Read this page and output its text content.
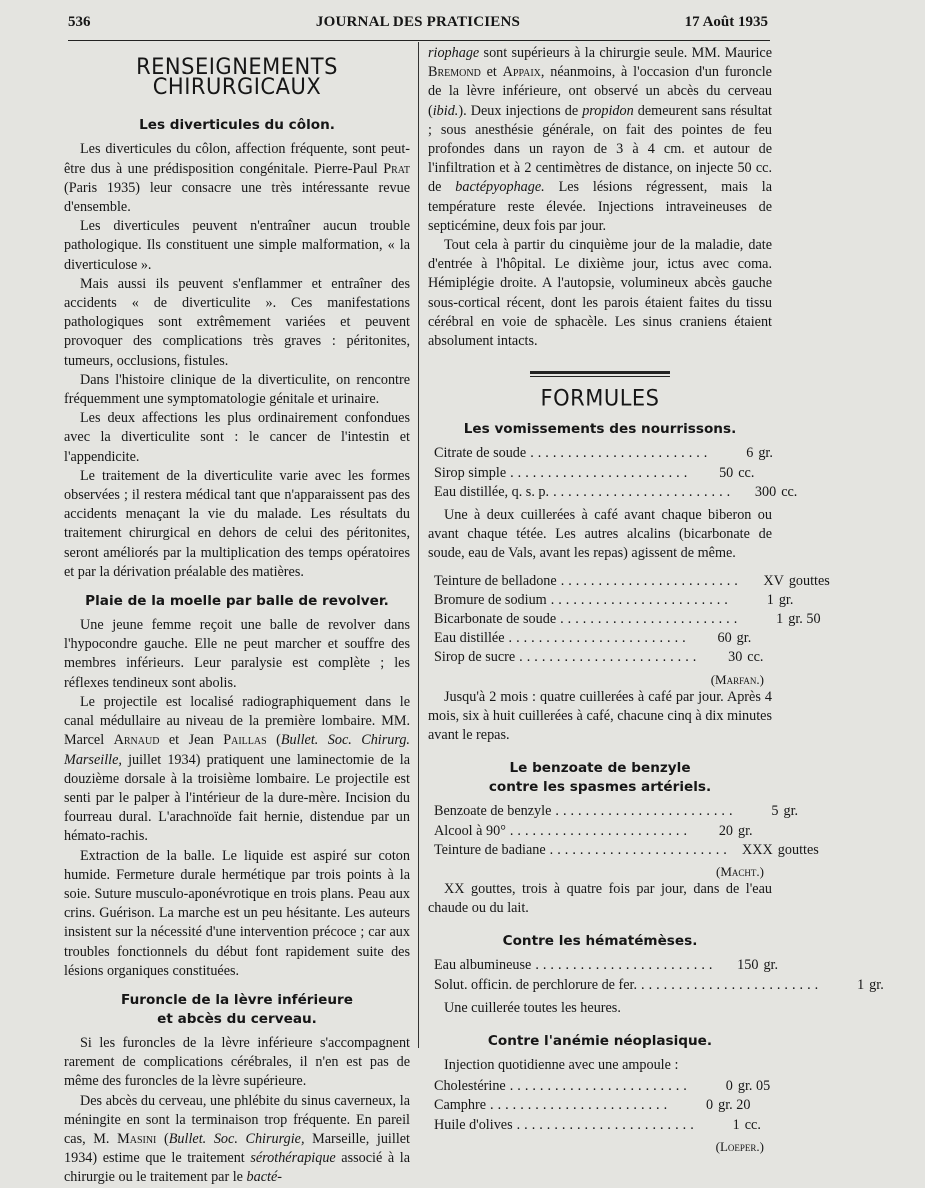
536	JOURNAL DES PRATICIENS	17 Août 1935
RENSEIGNEMENTS CHIRURGICAUX
Les diverticules du côlon.

Les diverticules du côlon, affection fréquente, sont peut-être dus à une prédisposition congénitale. Pierre-Paul Prat (Paris 1935) leur consacre une très intéressante revue d'ensemble.

Les diverticules peuvent n'entraîner aucun trouble pathologique. Ils constituent une simple malformation, « la diverticulose ».

Mais aussi ils peuvent s'enflammer et entraîner des accidents « de diverticulite ». Ces manifestations pathologiques sont extrêmement variées et peuvent provoquer des complications très graves : péritonites, tumeurs, occlusions, fistules.

Dans l'histoire clinique de la diverticulite, on rencontre fréquemment une symptomatologie génitale et urinaire.

Les deux affections les plus ordinairement confondues avec la diverticulite sont : le cancer de l'intestin et l'appendicite.

Le traitement de la diverticulite varie avec les formes observées ; il restera médical tant que n'apparaissent pas des accidents menaçant la vie du malade. Les résultats du traitement chirurgical en dehors de celui des péritonites, seront améliorés par la multiplication des temps opératoires et par la dérivation préalable des matières.

Plaie de la moelle par balle de revolver.

Une jeune femme reçoit une balle de revolver dans l'hypocondre gauche. Elle ne peut marcher et souffre des membres inférieurs. Leur paralysie est complète ; les réflexes tendineux sont abolis.

Le projectile est localisé radiographiquement dans le canal médullaire au niveau de la première lombaire. MM. Marcel Arnaud et Jean Paillas (Bullet. Soc. Chirurg. Marseille, juillet 1934) pratiquent une laminectomie de la douzième dorsale à la troisième lombaire. Le projectile est senti par le palper à l'intérieur de la dure-mère. Incision du fourreau dural. L'arachnoïde fait hernie, distendue par un hémato-rachis.

Extraction de la balle. Le liquide est aspiré sur coton humide. Fermeture durale hermétique par trois points à la soie. Suture musculo-aponévrotique en trois plans. Peau aux crins. Guérison. La marche est un peu hésitante. Les auteurs insistent sur la nécessité d'une intervention précoce ; car aux troubles fonctionnels du début font rapidement suite des lésions organiques constituées.

Furoncle de la lèvre inférieure
et abcès du cerveau.

Si les furoncles de la lèvre inférieure s'accompagnent rarement de complications cérébrales, il n'en est pas de même des furoncles de la lèvre supérieure.

Des abcès du cerveau, une phlébite du sinus caverneux, la méningite en sont la terminaison trop fréquente. En pareil cas, M. Masini (Bullet. Soc. Chirurgie, Marseille, juillet 1934) estime que le traitement sérothérapique associé à la chirurgie ou le traitement par le bacté-

riophage sont supérieurs à la chirurgie seule. MM. Maurice Bremond et Appaix, néanmoins, à l'occasion d'un furoncle de la lèvre inférieure, ont observé un abcès du cerveau (ibid.). Deux injections de propidon demeurent sans résultat ; sous anesthésie générale, on fait des pointes de feu profondes dans un rayon de 3 à 4 cm. et autour de l'infiltration et à 2 centimètres de distance, on injecte 50 cc. de bactépyophage. Les lésions régressent, mais la température reste élevée. Injections intraveineuses de septicémine, deux fois par jour.

Tout cela à partir du cinquième jour de la maladie, date d'entrée à l'hôpital. Le dixième jour, ictus avec coma. Hémiplégie droite. A l'autopsie, volumineux abcès gauche sous-cortical récent, dont les parois étaient faites du tissu cérébral en voie de sphacèle. Les sinus craniens étaient absolument intacts.

FORMULES
Les vomissements des nourrissons.
Citrate de soude ........................	6 gr.
Sirop simple ........................	50 cc.
Eau distillée, q. s. p. ........................	300 cc.

Une à deux cuillerées à café avant chaque biberon ou avant chaque tétée. Les autres alcalins (bicarbonate de soude, eau de Vals, avant les repas) agissent de même.

Teinture de belladone ........................	XV gouttes
Bromure de sodium ........................	1 gr.
Bicarbonate de soude ........................	1 gr. 50
Eau distillée ........................	60 gr.
Sirop de sucre ........................	30 cc.
(Marfan.)

Jusqu'à 2 mois : quatre cuillerées à café par jour. Après 4 mois, six à huit cuillerées à café, chacune cinq à dix minutes avant le repas.

Le benzoate de benzyle
contre les spasmes artériels.
Benzoate de benzyle ........................	5 gr.
Alcool à 90° ........................	20 gr.
Teinture de badiane ........................ XXX gouttes
(Macht.)

XX gouttes, trois à quatre fois par jour, dans de l'eau chaude ou du lait.

Contre les hématémèses.
Eau albumineuse ........................	150 gr.
Solut. officin. de perchlorure de fer. ........................	1 gr.

Une cuillerée toutes les heures.

Contre l'anémie néoplasique.

Injection quotidienne avec une ampoule :

Cholestérine ........................	0 gr. 05
Camphre ........................	0 gr. 20
Huile d'olives ........................	1 cc.
(Loeper.)
